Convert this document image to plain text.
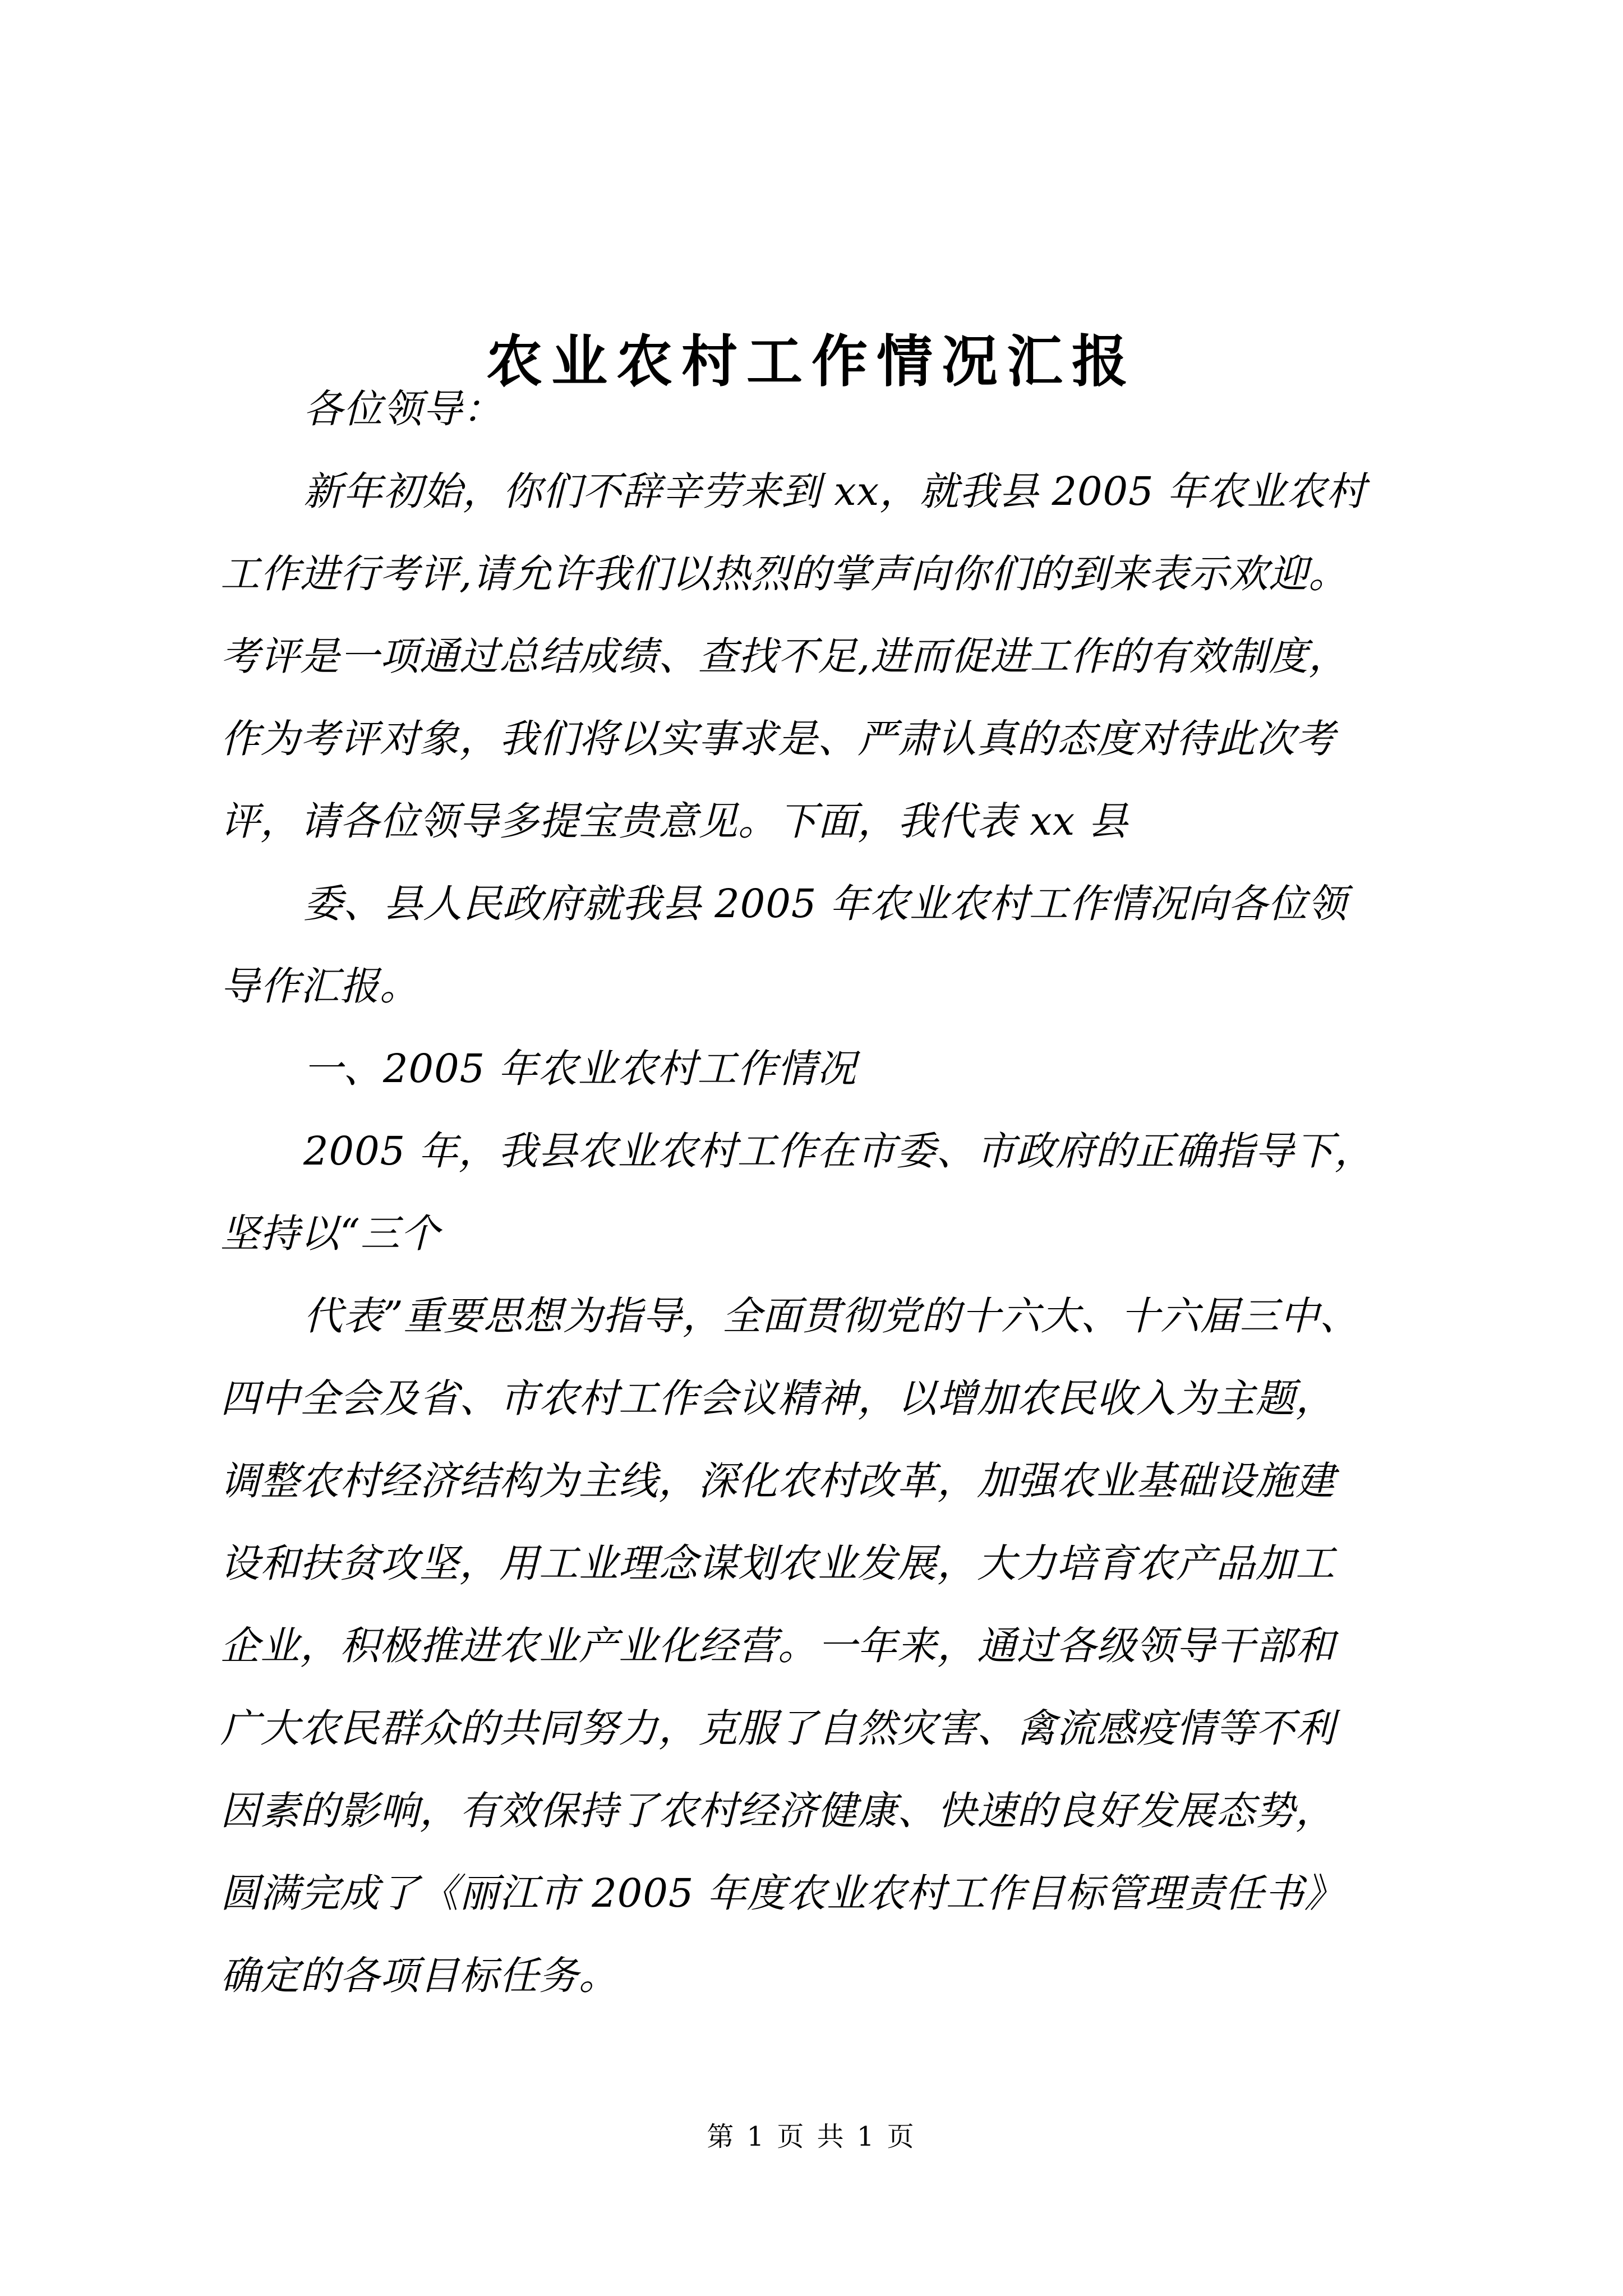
农业农村工作情况汇报
各位领导：
新年初始，你们不辞辛劳来到 xx，就我县 2005 年农业农村
工作进行考评,请允许我们以热烈的掌声向你们的到来表示欢迎。
考评是一项通过总结成绩、查找不足,进而促进工作的有效制度，
作为考评对象，我们将以实事求是、严肃认真的态度对待此次考
评，请各位领导多提宝贵意见。下面，我代表 xx 县
委、县人民政府就我县 2005 年农业农村工作情况向各位领
导作汇报。
一、2005 年农业农村工作情况
2005 年，我县农业农村工作在市委、市政府的正确指导下，
坚持以“三个
代表”重要思想为指导，全面贯彻党的十六大、十六届三中、
四中全会及省、市农村工作会议精神，以增加农民收入为主题，
调整农村经济结构为主线，深化农村改革，加强农业基础设施建
设和扶贫攻坚，用工业理念谋划农业发展，大力培育农产品加工
企业，积极推进农业产业化经营。一年来，通过各级领导干部和
广大农民群众的共同努力，克服了自然灾害、禽流感疫情等不利
因素的影响，有效保持了农村经济健康、快速的良好发展态势，
圆满完成了《丽江市 2005 年度农业农村工作目标管理责任书》
确定的各项目标任务。
第 1 页 共 1 页
